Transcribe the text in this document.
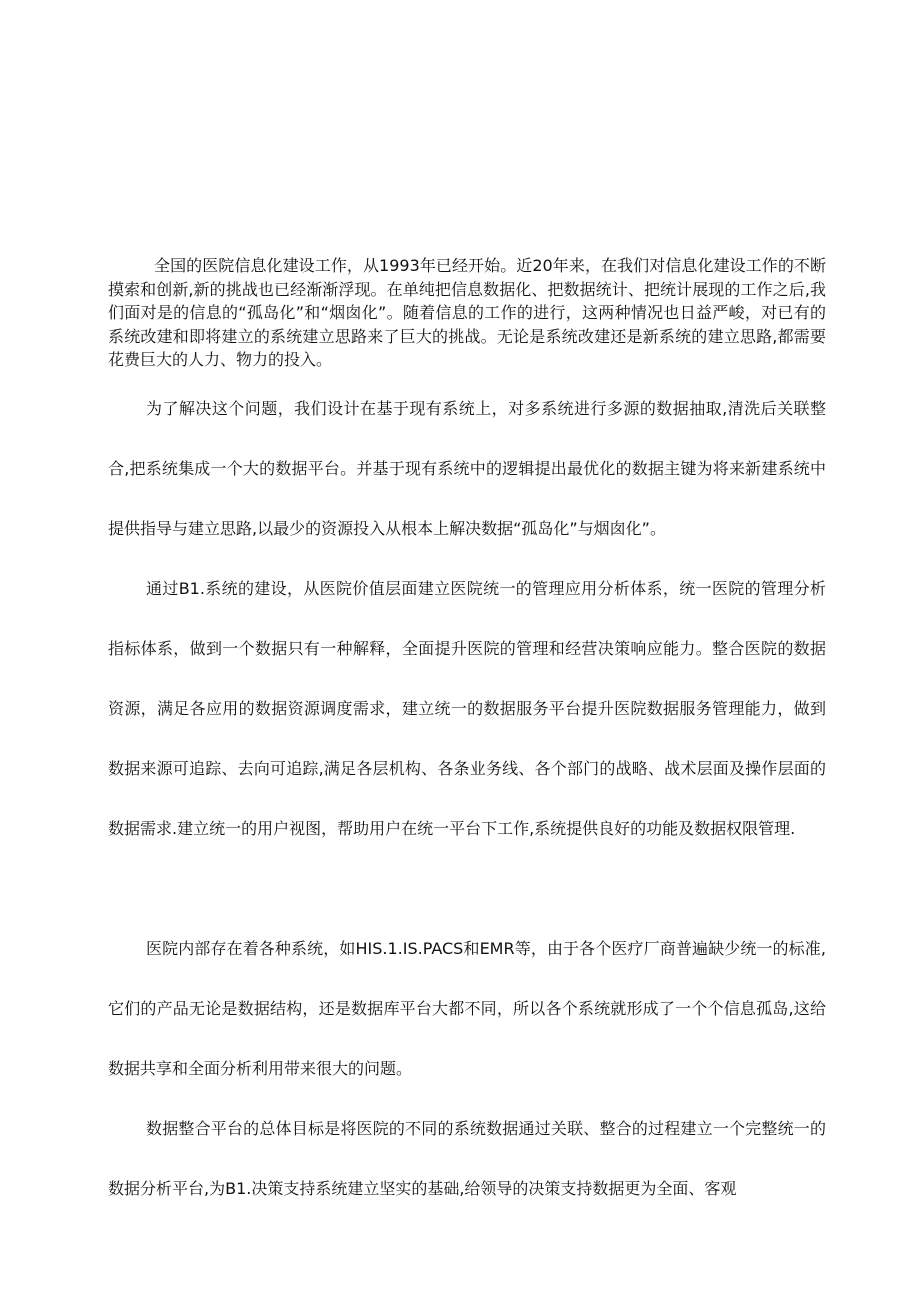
全国的医院信息化建设工作，从1993年已经开始。近20年来，在我们对信息化建设工作的不断摸索和创新,新的挑战也已经渐渐浮现。在单纯把信息数据化、把数据统计、把统计展现的工作之后,我们面对是的信息的“孤岛化”和“烟囱化”。随着信息的工作的进行，这两种情况也日益严峻，对已有的系统改建和即将建立的系统建立思路来了巨大的挑战。无论是系统改建还是新系统的建立思路,都需要花费巨大的人力、物力的投入。

为了解决这个问题，我们设计在基于现有系统上，对多系统进行多源的数据抽取,清洗后关联整合,把系统集成一个大的数据平台。并基于现有系统中的逻辑提出最优化的数据主键为将来新建系统中提供指导与建立思路,以最少的资源投入从根本上解决数据“孤岛化”与烟囱化”。

通过B1.系统的建设，从医院价值层面建立医院统一的管理应用分析体系，统一医院的管理分析指标体系，做到一个数据只有一种解释，全面提升医院的管理和经营决策响应能力。整合医院的数据资源，满足各应用的数据资源调度需求，建立统一的数据服务平台提升医院数据服务管理能力，做到数据来源可追踪、去向可追踪,满足各层机构、各条业务线、各个部门的战略、战术层面及操作层面的数据需求.建立统一的用户视图，帮助用户在统一平台下工作,系统提供良好的功能及数据权限管理.

医院内部存在着各种系统，如HIS.1.IS.PACS和EMR等，由于各个医疗厂商普遍缺少统一的标准,它们的产品无论是数据结构，还是数据库平台大都不同，所以各个系统就形成了一个个信息孤岛,这给数据共享和全面分析利用带来很大的问题。

数据整合平台的总体目标是将医院的不同的系统数据通过关联、整合的过程建立一个完整统一的数据分析平台,为B1.决策支持系统建立坚实的基础,给领导的决策支持数据更为全面、客观
